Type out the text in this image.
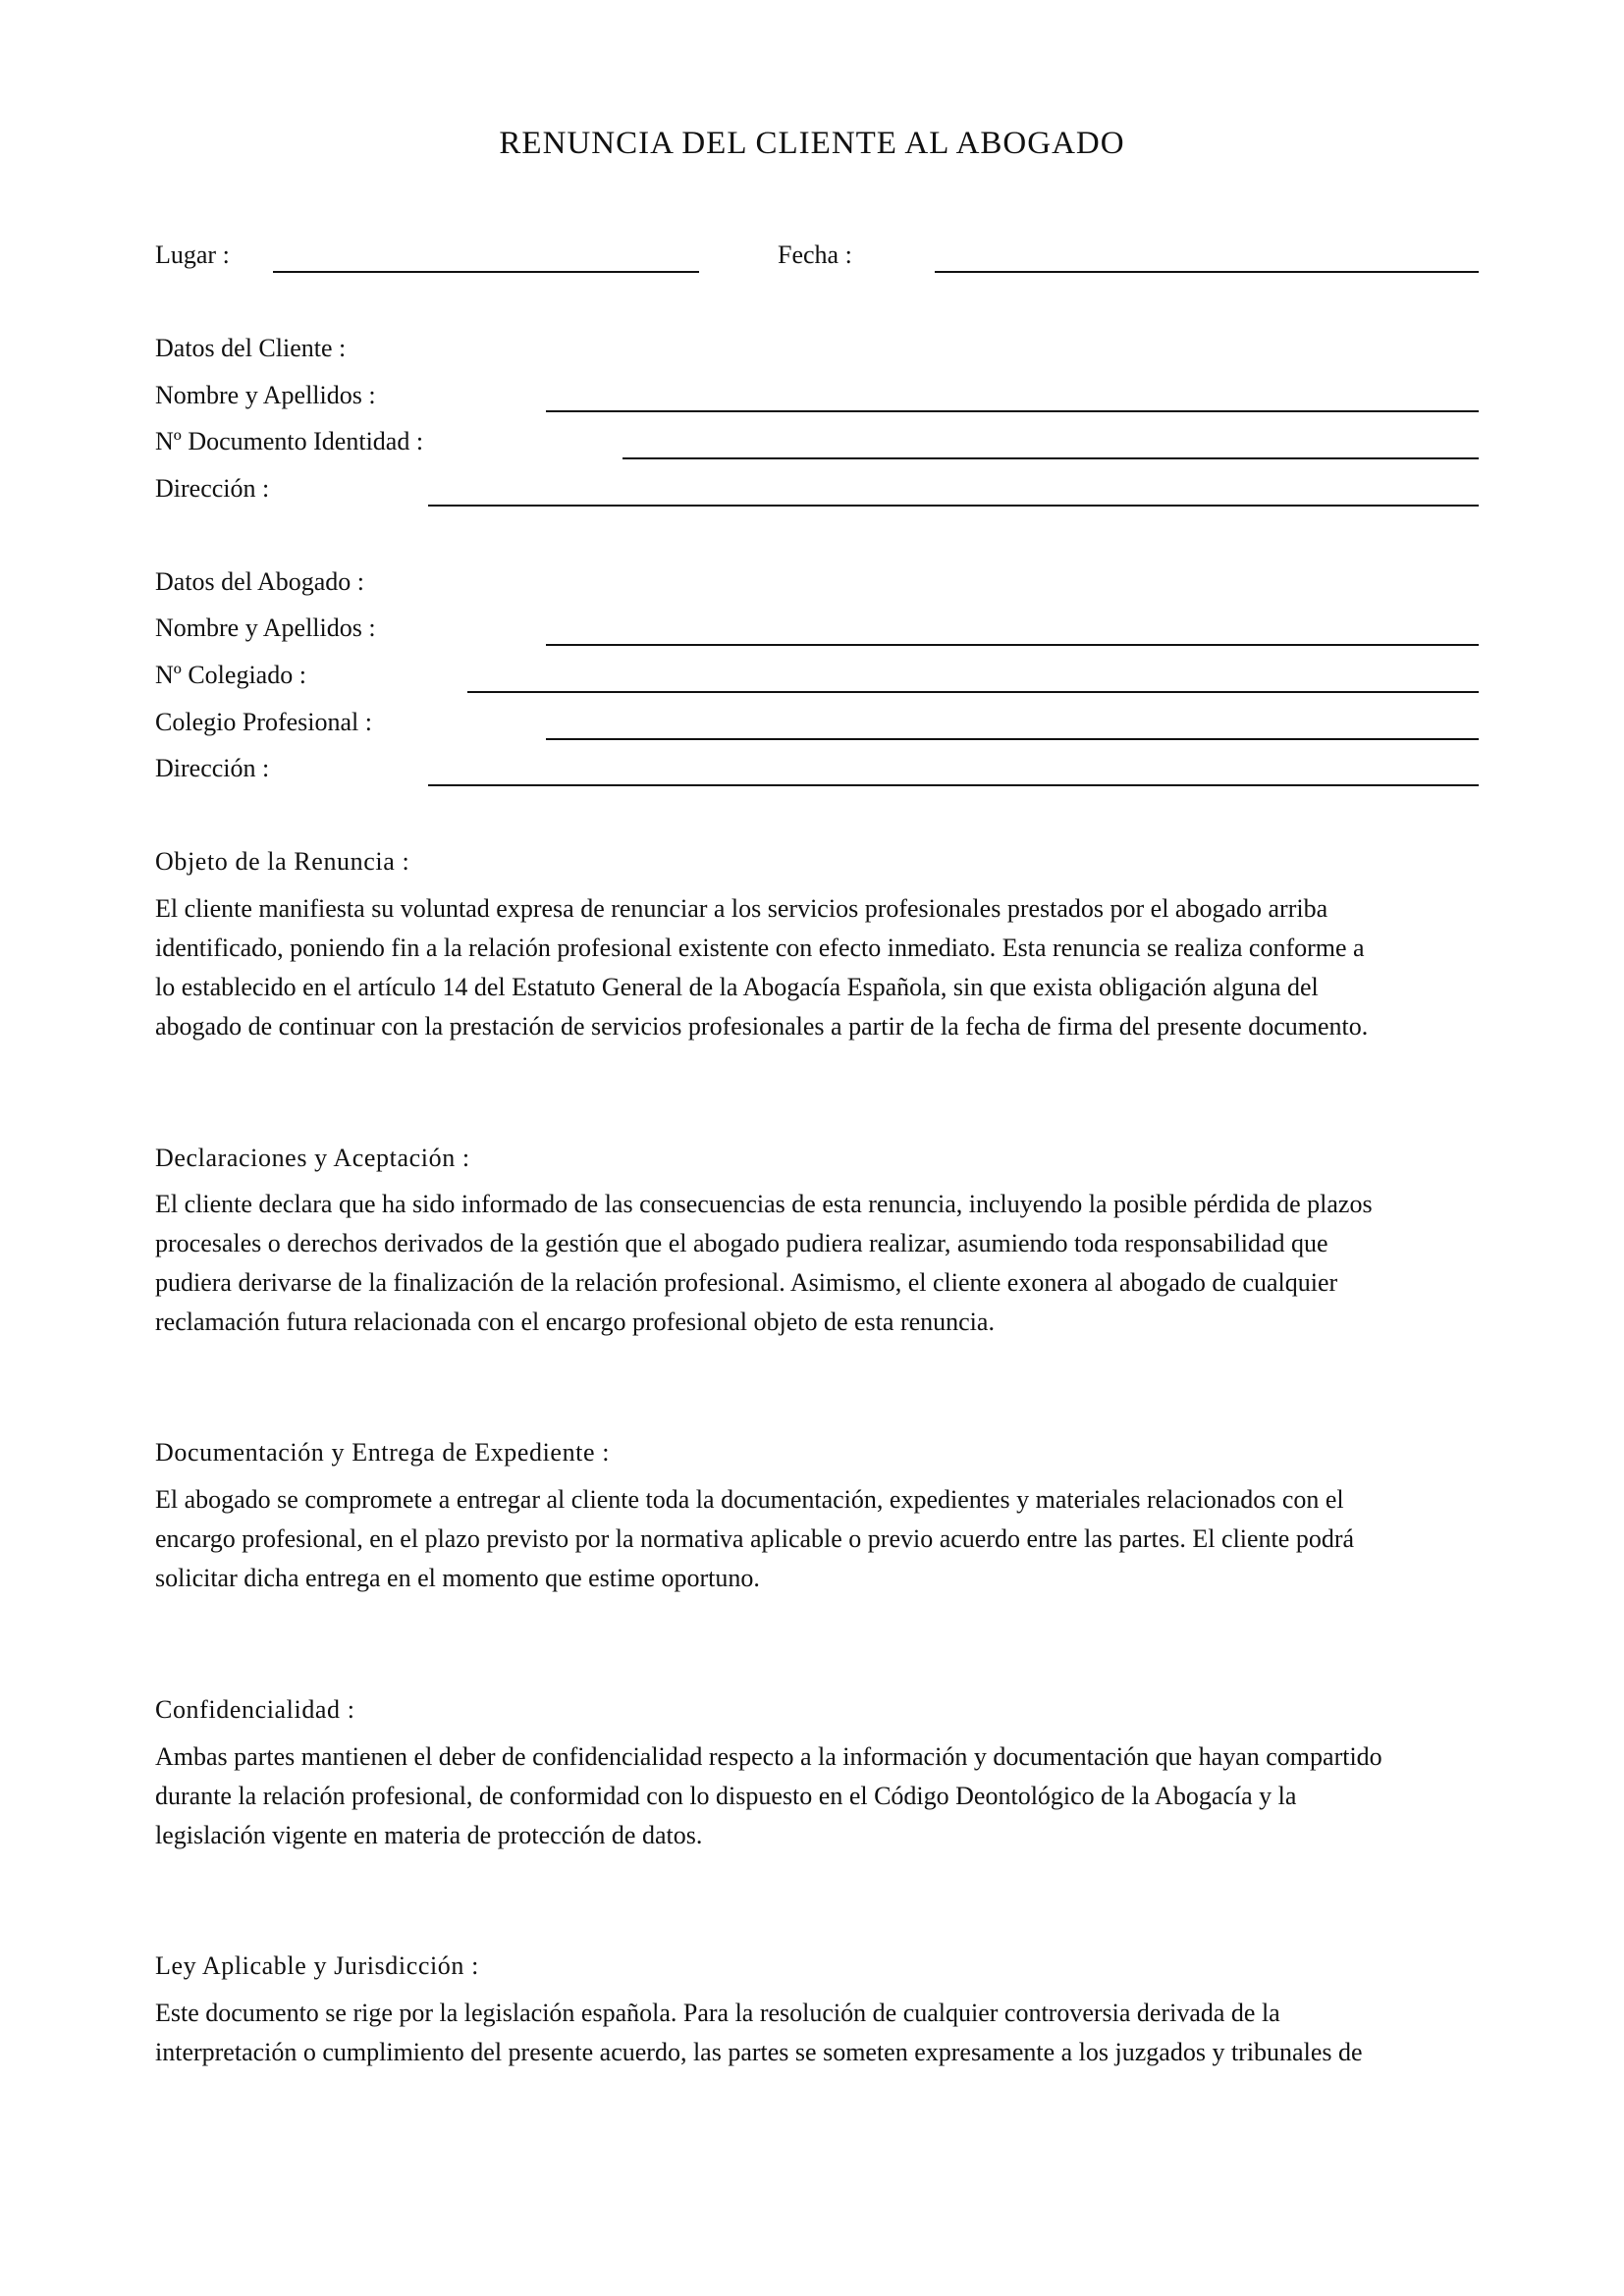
RENUNCIA DEL CLIENTE AL ABOGADO
Lugar :	Fecha :
Datos del Cliente :
Nombre y Apellidos :
Nº Documento Identidad :
Dirección :
Datos del Abogado :
Nombre y Apellidos :
Nº Colegiado :
Colegio Profesional :
Dirección :
Objeto de la Renuncia :
El cliente manifiesta su voluntad expresa de renunciar a los servicios profesionales prestados por el abogado arriba
identificado, poniendo fin a la relación profesional existente con efecto inmediato. Esta renuncia se realiza conforme a
lo establecido en el artículo 14 del Estatuto General de la Abogacía Española, sin que exista obligación alguna del
abogado de continuar con la prestación de servicios profesionales a partir de la fecha de firma del presente documento.
Declaraciones y Aceptación :
El cliente declara que ha sido informado de las consecuencias de esta renuncia, incluyendo la posible pérdida de plazos
procesales o derechos derivados de la gestión que el abogado pudiera realizar, asumiendo toda responsabilidad que
pudiera derivarse de la finalización de la relación profesional. Asimismo, el cliente exonera al abogado de cualquier
reclamación futura relacionada con el encargo profesional objeto de esta renuncia.
Documentación y Entrega de Expediente :
El abogado se compromete a entregar al cliente toda la documentación, expedientes y materiales relacionados con el
encargo profesional, en el plazo previsto por la normativa aplicable o previo acuerdo entre las partes. El cliente podrá
solicitar dicha entrega en el momento que estime oportuno.
Confidencialidad :
Ambas partes mantienen el deber de confidencialidad respecto a la información y documentación que hayan compartido
durante la relación profesional, de conformidad con lo dispuesto en el Código Deontológico de la Abogacía y la
legislación vigente en materia de protección de datos.
Ley Aplicable y Jurisdicción :
Este documento se rige por la legislación española. Para la resolución de cualquier controversia derivada de la
interpretación o cumplimiento del presente acuerdo, las partes se someten expresamente a los juzgados y tribunales de
